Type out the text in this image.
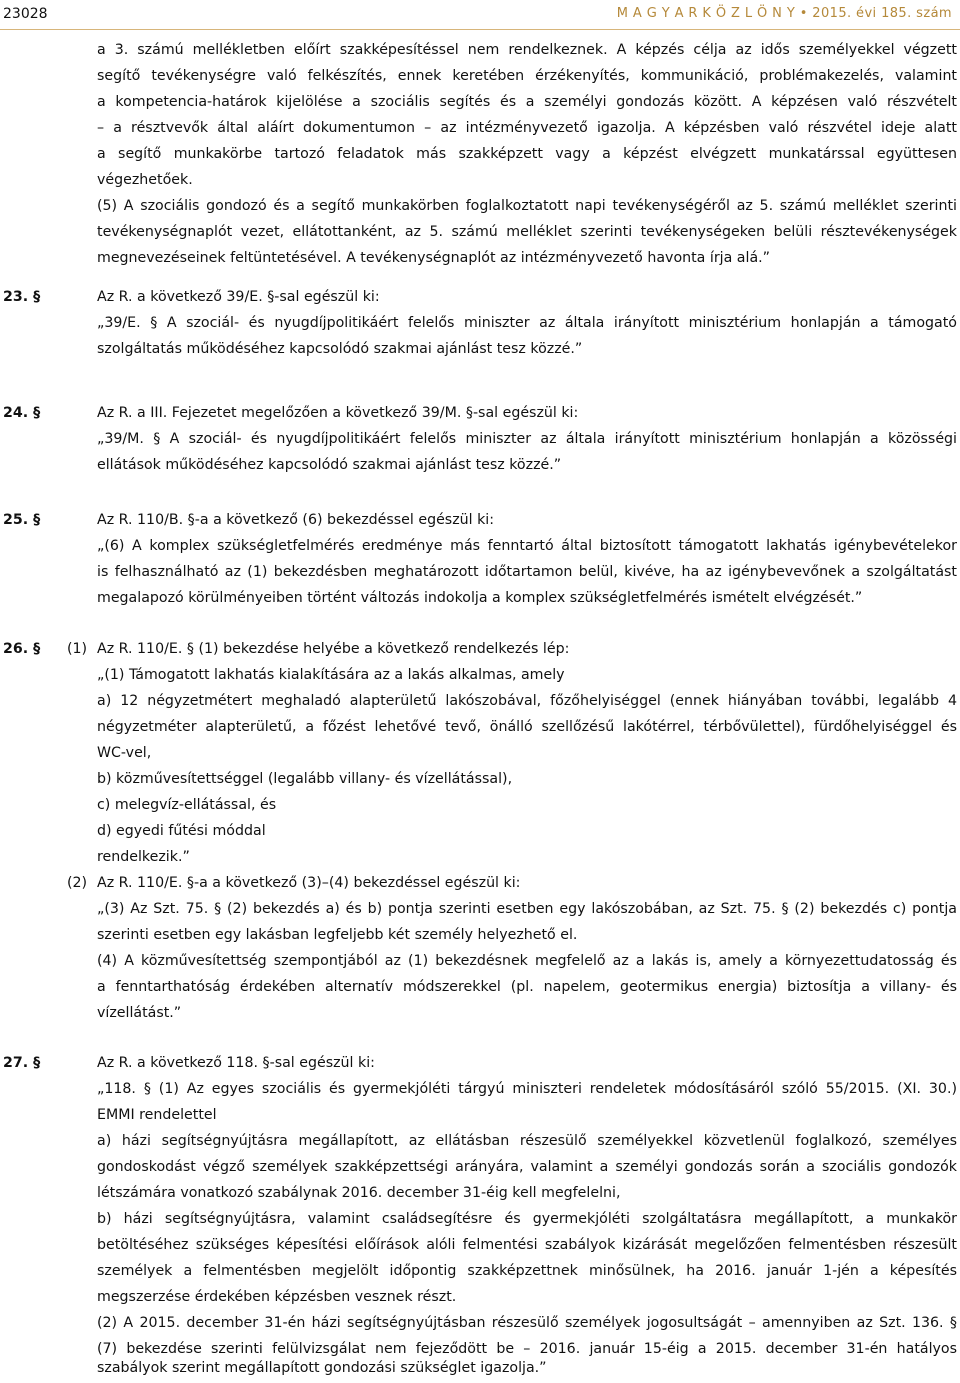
23028	M A G Y A R K Ö Z L Ö N Y • 2015. évi 185. szám
a 3. számú mellékletben előírt szakképesítéssel nem rendelkeznek. A képzés célja az idős személyekkel végzett
segítő tevékenységre való felkészítés, ennek keretében érzékenyítés, kommunikáció, problémakezelés, valamint
a kompetencia-határok kijelölése a szociális segítés és a személyi gondozás között. A képzésen való részvételt
– a résztvevők által aláírt dokumentumon – az intézményvezető igazolja. A képzésben való részvétel ideje alatt
a segítő munkakörbe tartozó feladatok más szakképzett vagy a képzést elvégzett munkatárssal együttesen
végezhetőek.
(5) A szociális gondozó és a segítő munkakörben foglalkoztatott napi tevékenységéről az 5. számú melléklet szerinti
tevékenységnaplót vezet, ellátottanként, az 5. számú melléklet szerinti tevékenységeken belüli résztevékenységek
megnevezéseinek feltüntetésével. A tevékenységnaplót az intézményvezető havonta írja alá.”
23. §	Az R. a következő 39/E. §-sal egészül ki:
„39/E. § A szociál- és nyugdíjpolitikáért felelős miniszter az általa irányított minisztérium honlapján a támogató
szolgáltatás működéséhez kapcsolódó szakmai ajánlást tesz közzé.”
24. §	Az R. a III. Fejezetet megelőzően a következő 39/M. §-sal egészül ki:
„39/M. § A szociál- és nyugdíjpolitikáért felelős miniszter az általa irányított minisztérium honlapján a közösségi
ellátások működéséhez kapcsolódó szakmai ajánlást tesz közzé.”
25. §	Az R. 110/B. §-a a következő (6) bekezdéssel egészül ki:
„(6) A komplex szükségletfelmérés eredménye más fenntartó által biztosított támogatott lakhatás igénybevételekor
is felhasználható az (1) bekezdésben meghatározott időtartamon belül, kivéve, ha az igénybevevőnek a szolgáltatást
megalapozó körülményeiben történt változás indokolja a komplex szükségletfelmérés ismételt elvégzését.”
26. § (1) Az R. 110/E. § (1) bekezdése helyébe a következő rendelkezés lép:
„(1) Támogatott lakhatás kialakítására az a lakás alkalmas, amely
a) 12 négyzetmétert meghaladó alapterületű lakószobával, főzőhelyiséggel (ennek hiányában további, legalább 4
négyzetméter alapterületű, a főzést lehetővé tevő, önálló szellőzésű lakótérrel, térbővülettel), fürdőhelyiséggel és
WC-vel,
b) közművesítettséggel (legalább villany- és vízellátással),
c) melegvíz-ellátással, és
d) egyedi fűtési móddal
rendelkezik.”
(2) Az R. 110/E. §-a a következő (3)–(4) bekezdéssel egészül ki:
„(3) Az Szt. 75. § (2) bekezdés a) és b) pontja szerinti esetben egy lakószobában, az Szt. 75. § (2) bekezdés c) pontja
szerinti esetben egy lakásban legfeljebb két személy helyezhető el.
(4) A közművesítettség szempontjából az (1) bekezdésnek megfelelő az a lakás is, amely a környezettudatosság és
a fenntarthatóság érdekében alternatív módszerekkel (pl. napelem, geotermikus energia) biztosítja a villany- és
vízellátást.”
27. §	Az R. a következő 118. §-sal egészül ki:
„118. § (1) Az egyes szociális és gyermekjóléti tárgyú miniszteri rendeletek módosításáról szóló 55/2015. (XI. 30.)
EMMI rendelettel
a) házi segítségnyújtásra megállapított, az ellátásban részesülő személyekkel közvetlenül foglalkozó, személyes
gondoskodást végző személyek szakképzettségi arányára, valamint a személyi gondozás során a szociális gondozók
létszámára vonatkozó szabálynak 2016. december 31-éig kell megfelelni,
b) házi segítségnyújtásra, valamint családsegítésre és gyermekjóléti szolgáltatásra megállapított, a munkakör
betöltéséhez szükséges képesítési előírások alóli felmentési szabályok kizárását megelőzően felmentésben részesült
személyek a felmentésben megjelölt időpontig szakképzettnek minősülnek, ha 2016. január 1-jén a képesítés
megszerzése érdekében képzésben vesznek részt.
(2) A 2015. december 31-én házi segítségnyújtásban részesülő személyek jogosultságát – amennyiben az Szt. 136. §
(7) bekezdése szerinti felülvizsgálat nem fejeződött be – 2016. január 15-éig a 2015. december 31-én hatályos
szabályok szerint megállapított gondozási szükséglet igazolja.”
